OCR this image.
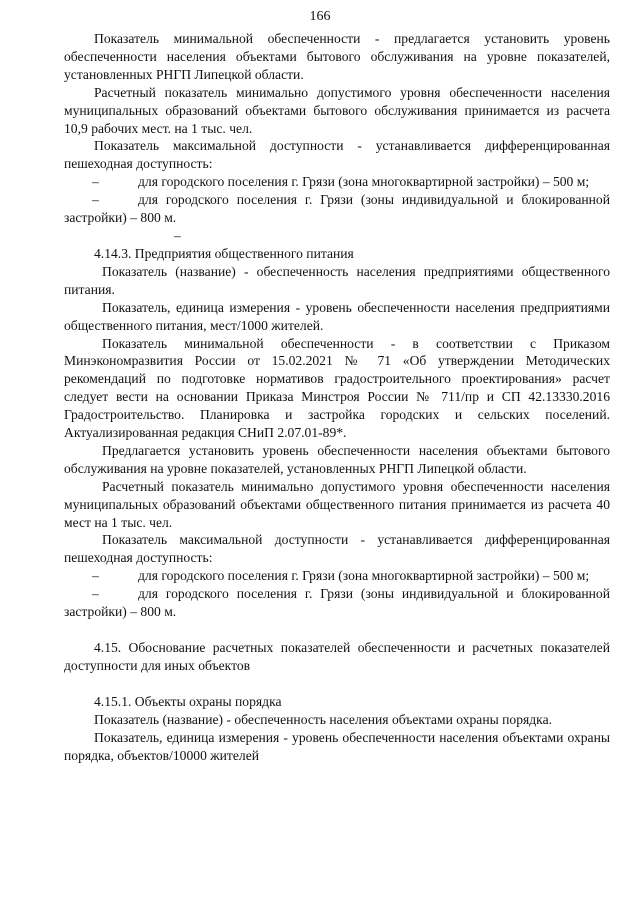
166

Показатель минимальной обеспеченности - предлагается установить уровень обеспеченности населения объектами бытового обслуживания на уровне показателей, установленных РНГП Липецкой области.

Расчетный показатель минимально допустимого уровня обеспеченности населения муниципальных образований объектами бытового обслуживания принимается из расчета 10,9 рабочих мест. на 1 тыс. чел.

Показатель максимальной доступности - устанавливается дифференцированная пешеходная доступность:

–	для городского поселения г. Грязи (зона многоквартирной застройки) – 500 м;

–	для городского поселения г. Грязи (зоны индивидуальной и блокированной застройки) – 800 м.

–

4.14.3. Предприятия общественного питания

Показатель (название) - обеспеченность населения предприятиями общественного питания.

Показатель, единица измерения - уровень обеспеченности населения предприятиями общественного питания, мест/1000 жителей.

Показатель минимальной обеспеченности - в соответствии с Приказом Минэкономразвития России от 15.02.2021 № 71 «Об утверждении Методических рекомендаций по подготовке нормативов градостроительного проектирования» расчет следует вести на основании Приказа Минстроя России № 711/пр и СП 42.13330.2016 Градостроительство. Планировка и застройка городских и сельских поселений. Актуализированная редакция СНиП 2.07.01-89*.

Предлагается установить уровень обеспеченности населения объектами бытового обслуживания на уровне показателей, установленных РНГП Липецкой области.

Расчетный показатель минимально допустимого уровня обеспеченности населения муниципальных образований объектами общественного питания принимается из расчета 40 мест на 1 тыс. чел.

Показатель максимальной доступности - устанавливается дифференцированная пешеходная доступность:

–	для городского поселения г. Грязи (зона многоквартирной застройки) – 500 м;

–	для городского поселения г. Грязи (зоны индивидуальной и блокированной застройки) – 800 м.

4.15. Обоснование расчетных показателей обеспеченности и расчетных показателей доступности для иных объектов

4.15.1. Объекты охраны порядка

Показатель (название) - обеспеченность населения объектами охраны порядка.

Показатель, единица измерения - уровень обеспеченности населения объектами охраны порядка, объектов/10000 жителей
